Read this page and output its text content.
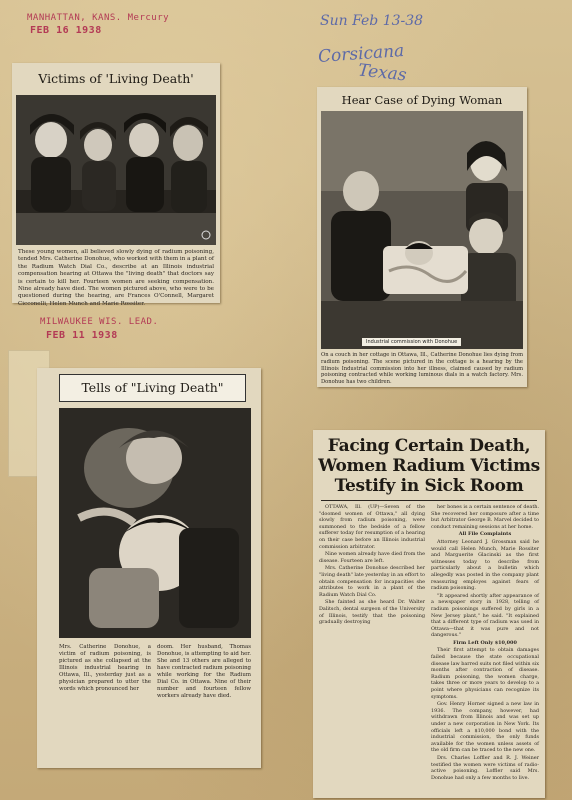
MANHATTAN, KANS. Mercury
FEB 16 1938
Sun Feb 13-38
Corsicana
Texas
Victims of 'Living Death'
These young women, all believed slowly dying of radium poisoning, tended Mrs. Catherine Donohue, who worked with them in a plant of the Radium Watch Dial Co., describe at an Illinois industrial compensation hearing at Ottawa the "living death" that doctors say is certain to kill her. Fourteen women are seeking compensation. Nine already have died. The women pictured above, who were to be questioned during the hearing, are Frances O'Connell, Margaret Cicconelli, Helen Munch and Marie Rossiter.
Hear Case of Dying Woman
Industrial commission with Donohue
On a couch in her cottage in Ottawa, Ill., Catherine Donohue lies dying from radium poisoning. The scene pictured in the cottage is a hearing by the Illinois Industrial commission into her illness, claimed caused by radium poisoning contracted while working luminous dials in a watch factory. Mrs. Donohue has two children.
MILWAUKEE WIS. LEAD.
FEB 11 1938
Tells of "Living Death"
Mrs. Catherine Donohue, a victim of radium poisoning, is pictured as she collapsed at the Illinois industrial hearing in Ottawa, Ill., yesterday just as a physician prepared to utter the words which pronounced her
doom. Her husband, Thomas Donohue, is attempting to aid her. She and 13 others are alleged to have contracted radium poisoning while working for the Radium Dial Co. in Ottawa. Nine of their number and fourteen fellow workers already have died.
Facing Certain Death, Women Radium Victims Testify in Sick Room

OTTAWA, Ill. (UP)—Seven of the "doomed women of Ottawa," all dying slowly from radium poisoning, were summoned to the bedside of a fellow sufferer today for resumption of a hearing on their case before an Illinois industrial commission arbitrator.

Nine women already have died from the disease. Fourteen are left.

Mrs. Catherine Donohue described her "living death" late yesterday in an effort to obtain compensation for incapacities she attributes to work in a plant of the Radium Watch Dial Co.

She fainted as she heard Dr. Walter Dalitsch, dental surgeon of the University of Illinois, testify that the poisoning gradually destroying

her bones is a certain sentence of death. She recovered her composure after a time but Arbitrator George B. Marvel decided to conduct remaining sessions at her home.

All File Complaints

Attorney Leonard J. Grossman said he would call Helen Munch, Marie Rossiter and Marguerite Glacinski as the first witnesses today to describe from particularly about a bulletin which allegedly was posted in the company plant reassuring employes against fears of radium poisoning.

"It appeared shortly after appearance of a newspaper story in 1928, telling of radium poisonings suffered by girls in a New Jersey plant," he said. "It explained that a different type of radium was used in Ottawa—that it was pure and not dangerous."

Firm Left Only $10,000

Their first attempt to obtain damages failed because the state occupational disease law barred suits not filed within six months after contraction of disease. Radium poisoning, the women charge, takes three or more years to develop to a point where physicians can recognize its symptoms.

Gov. Henry Horner signed a new law in 1936. The company, however, had withdrawn from Illinois and was set up under a new corporation in New York. Its officials left a $10,000 bond with the industrial commission, the only funds available for the women unless assets of the old firm can be traced to the new one.

Drs. Charles Loffler and R. J. Weiner testified the women were victims of radio-active poisoning. Loffler said Mrs. Donohue had only a few months to live.
